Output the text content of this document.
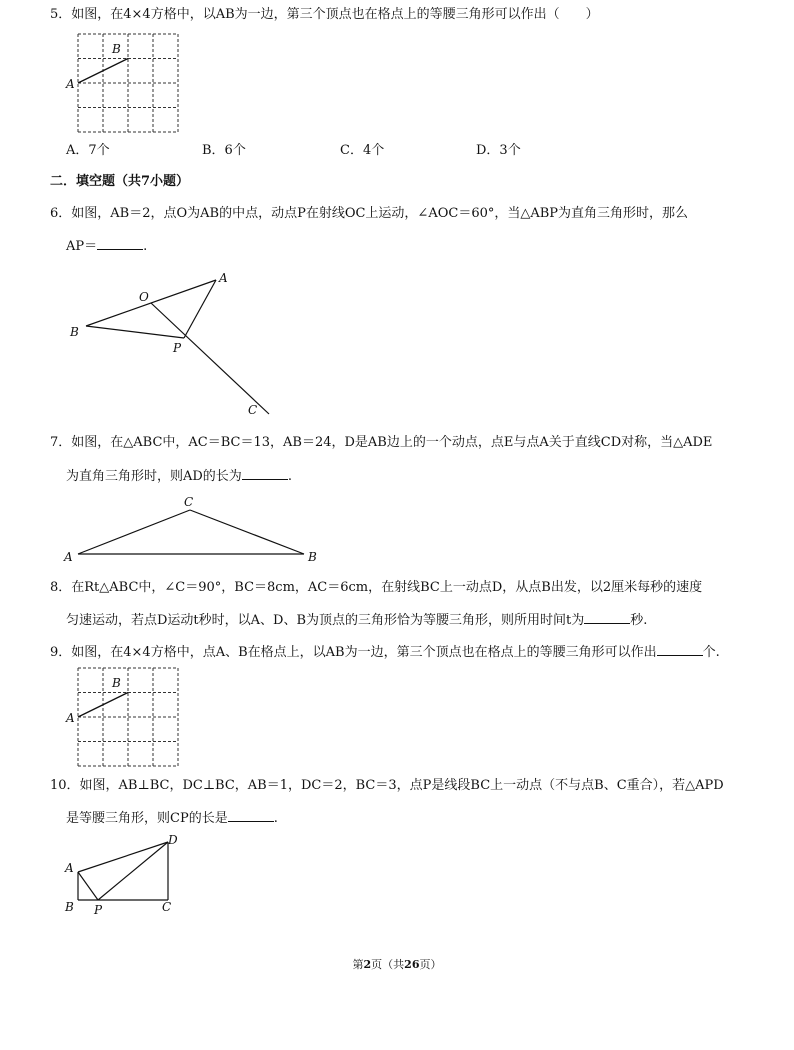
5．如图，在4×4方格中，以AB为一边，第三个顶点也在格点上的等腰三角形可以作出（　　）
A
B
A．7个	B．6个	C．4个	D．3个
二．填空题（共7小题）
6．如图，AB＝2，点O为AB的中点，动点P在射线OC上运动，∠AOC＝60°，当△ABP为直角三角形时，那么
AP＝	.
A
O
B
P
C
7．如图，在△ABC中，AC＝BC＝13，AB＝24，D是AB边上的一个动点，点E与点A关于直线CD对称，当△ADE
为直角三角形时，则AD的长为	.
C
A	B
8．在Rt△ABC中，∠C＝90°，BC＝8cm，AC＝6cm，在射线BC上一动点D，从点B出发，以2厘米每秒的速度
匀速运动，若点D运动t秒时，以A、D、B为顶点的三角形恰为等腰三角形，则所用时间t为	秒.
9．如图，在4×4方格中，点A、B在格点上，以AB为一边，第三个顶点也在格点上的等腰三角形可以作出	个.
A
B
10．如图，AB⊥BC，DC⊥BC，AB＝1，DC＝2，BC＝3，点P是线段BC上一动点（不与点B、C重合），若△APD
是等腰三角形，则CP的长是	.
D
A
B P	C
第2页（共26页）
